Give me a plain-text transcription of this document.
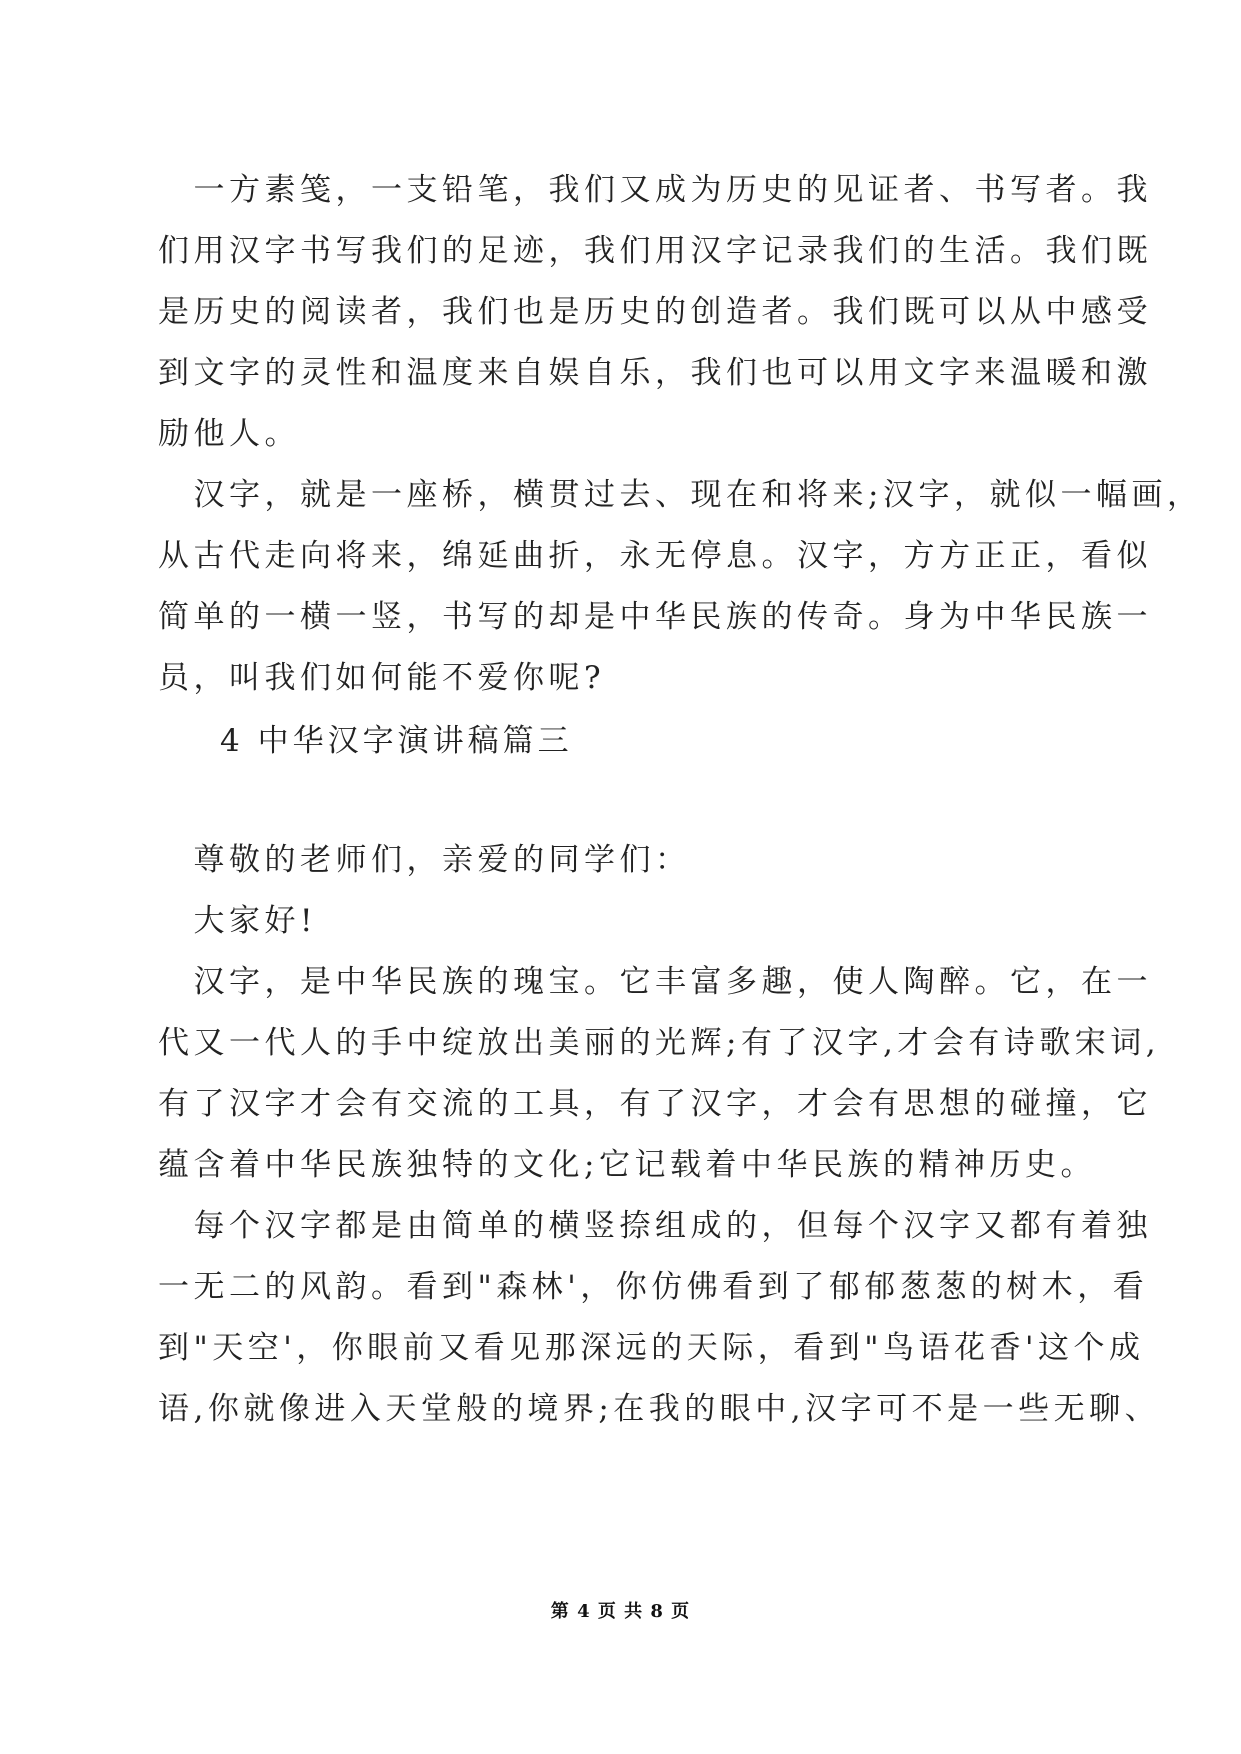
　一方素笺，一支铅笔，我们又成为历史的见证者、书写者。我
们用汉字书写我们的足迹，我们用汉字记录我们的生活。我们既
是历史的阅读者，我们也是历史的创造者。我们既可以从中感受
到文字的灵性和温度来自娱自乐，我们也可以用文字来温暖和激
励他人。
　汉字，就是一座桥，横贯过去、现在和将来;汉字，就似一幅画，
从古代走向将来，绵延曲折，永无停息。汉字，方方正正，看似
简单的一横一竖，书写的却是中华民族的传奇。身为中华民族一
员，叫我们如何能不爱你呢?
4 中华汉字演讲稿篇三
　尊敬的老师们，亲爱的同学们：
　大家好!
　汉字，是中华民族的瑰宝。它丰富多趣，使人陶醉。它，在一
代又一代人的手中绽放出美丽的光辉;有了汉字,才会有诗歌宋词,
有了汉字才会有交流的工具，有了汉字，才会有思想的碰撞，它
蕴含着中华民族独特的文化;它记载着中华民族的精神历史。
　每个汉字都是由简单的横竖捺组成的，但每个汉字又都有着独
一无二的风韵。看到"森林'，你仿佛看到了郁郁葱葱的树木，看
到"天空'，你眼前又看见那深远的天际，看到"鸟语花香'这个成
语,你就像进入天堂般的境界;在我的眼中,汉字可不是一些无聊、
第 4 页 共 8 页
